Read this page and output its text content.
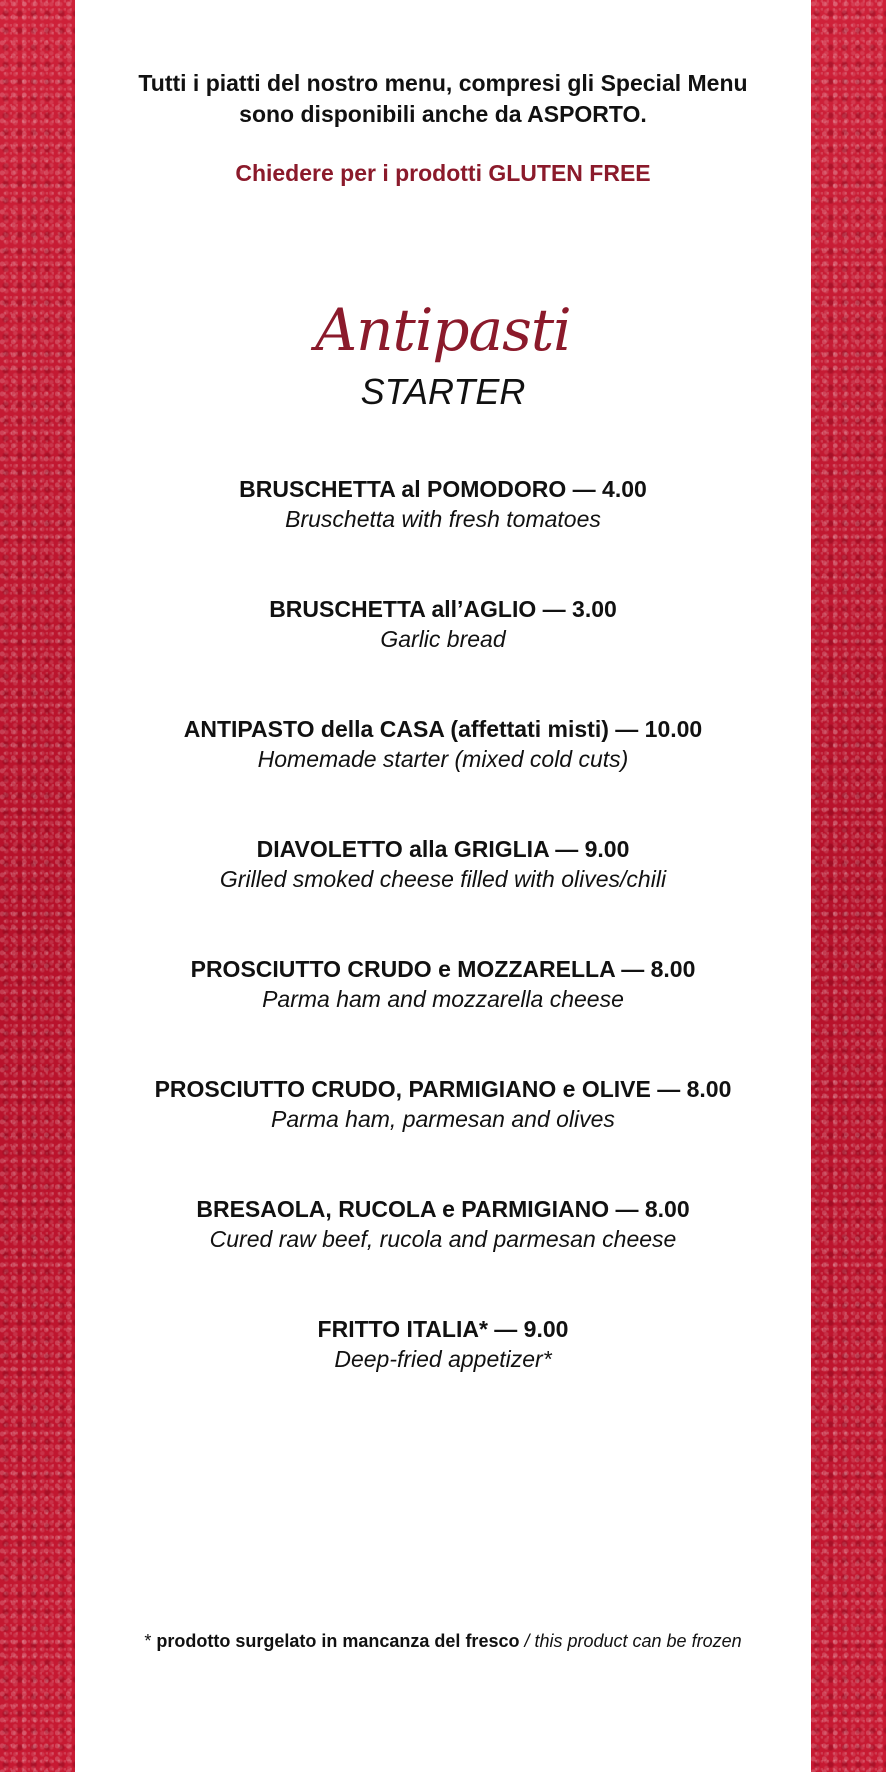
Tutti i piatti del nostro menu, compresi gli Special Menu
sono disponibili anche da ASPORTO.
Chiedere per i prodotti GLUTEN FREE
Antipasti
STARTER
BRUSCHETTA al POMODORO — 4.00
Bruschetta with fresh tomatoes
BRUSCHETTA all’AGLIO — 3.00
Garlic bread
ANTIPASTO della CASA (affettati misti) — 10.00
Homemade starter (mixed cold cuts)
DIAVOLETTO alla GRIGLIA — 9.00
Grilled smoked cheese filled with olives/chili
PROSCIUTTO CRUDO e MOZZARELLA — 8.00
Parma ham and mozzarella cheese
PROSCIUTTO CRUDO, PARMIGIANO e OLIVE — 8.00
Parma ham, parmesan and olives
BRESAOLA, RUCOLA e PARMIGIANO — 8.00
Cured raw beef, rucola and parmesan cheese
FRITTO ITALIA* — 9.00
Deep-fried appetizer*
* prodotto surgelato in mancanza del fresco / this product can be frozen
